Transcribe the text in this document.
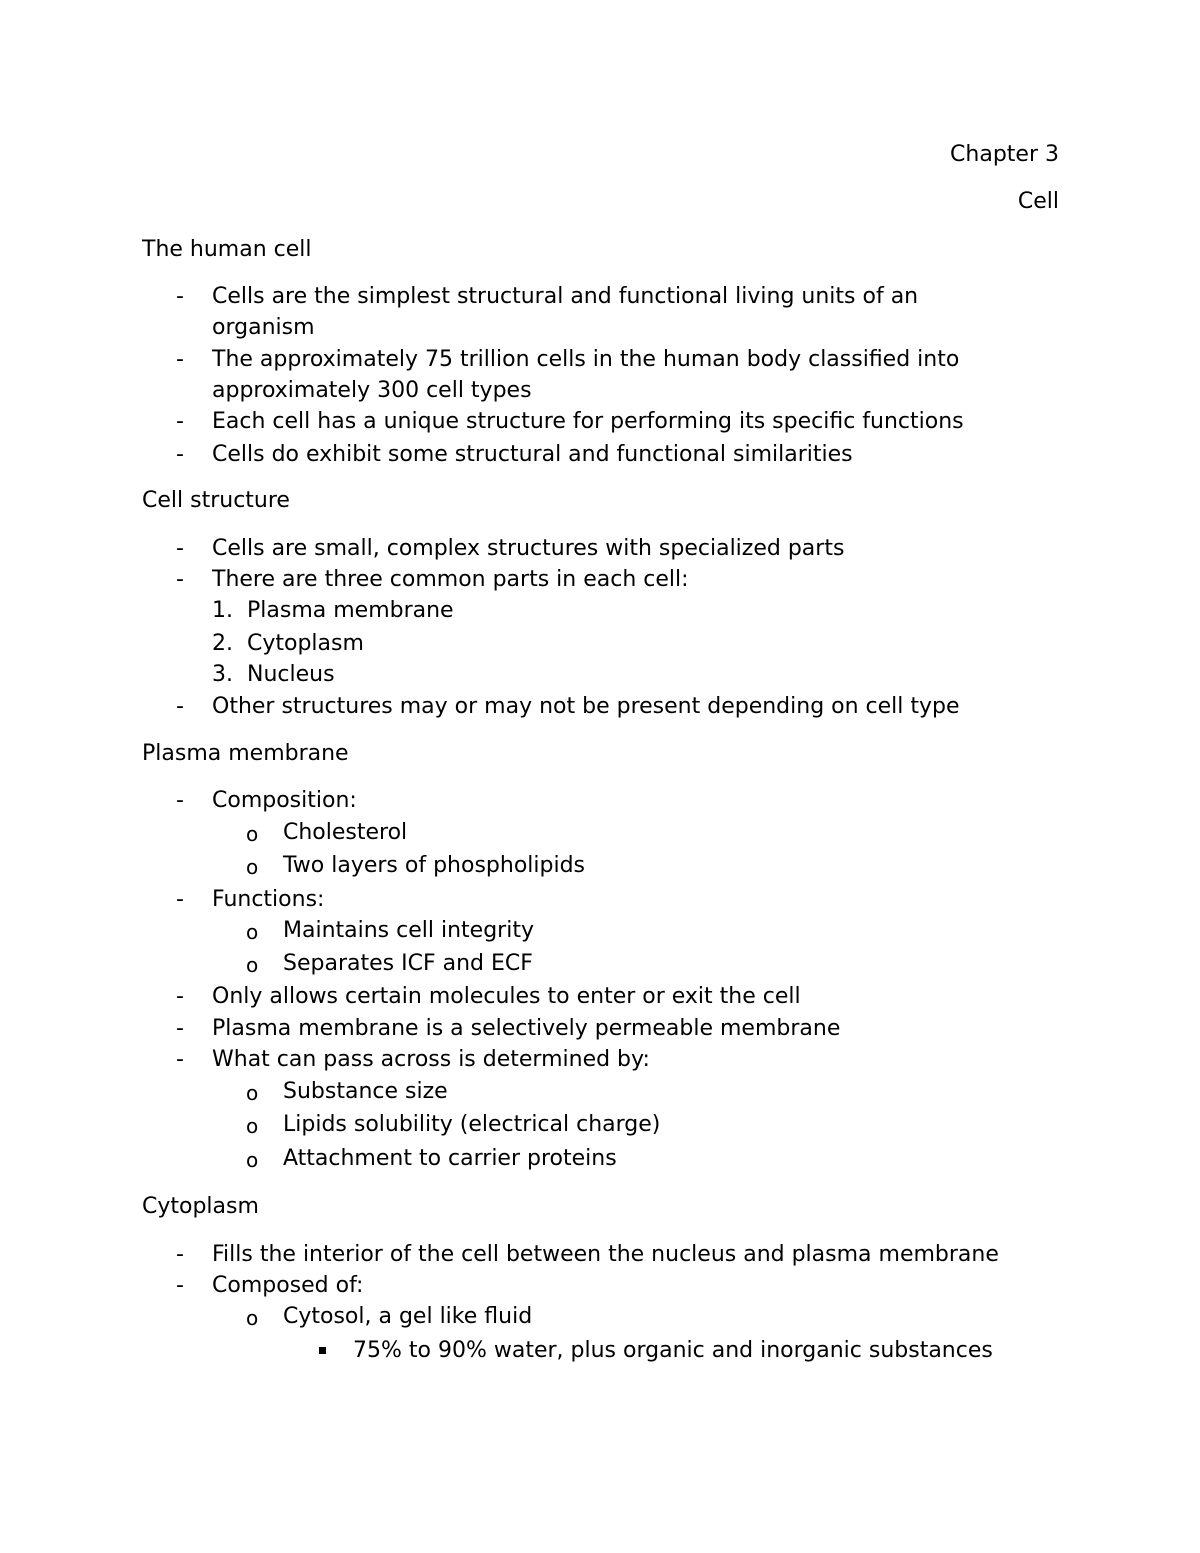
Chapter 3
Cell
The human cell
- Cells are the simplest structural and functional living units of an
organism
- The approximately 75 trillion cells in the human body classified into
approximately 300 cell types
- Each cell has a unique structure for performing its specific functions
- Cells do exhibit some structural and functional similarities
Cell structure
- Cells are small, complex structures with specialized parts
- There are three common parts in each cell:
1. Plasma membrane
2. Cytoplasm
3. Nucleus
- Other structures may or may not be present depending on cell type
Plasma membrane
- Composition:
o Cholesterol
o Two layers of phospholipids
- Functions:
o Maintains cell integrity
o Separates ICF and ECF
- Only allows certain molecules to enter or exit the cell
- Plasma membrane is a selectively permeable membrane
- What can pass across is determined by:
o Substance size
o Lipids solubility (electrical charge)
o Attachment to carrier proteins
Cytoplasm
- Fills the interior of the cell between the nucleus and plasma membrane
- Composed of:
o Cytosol, a gel like fluid
75% to 90% water, plus organic and inorganic substances
